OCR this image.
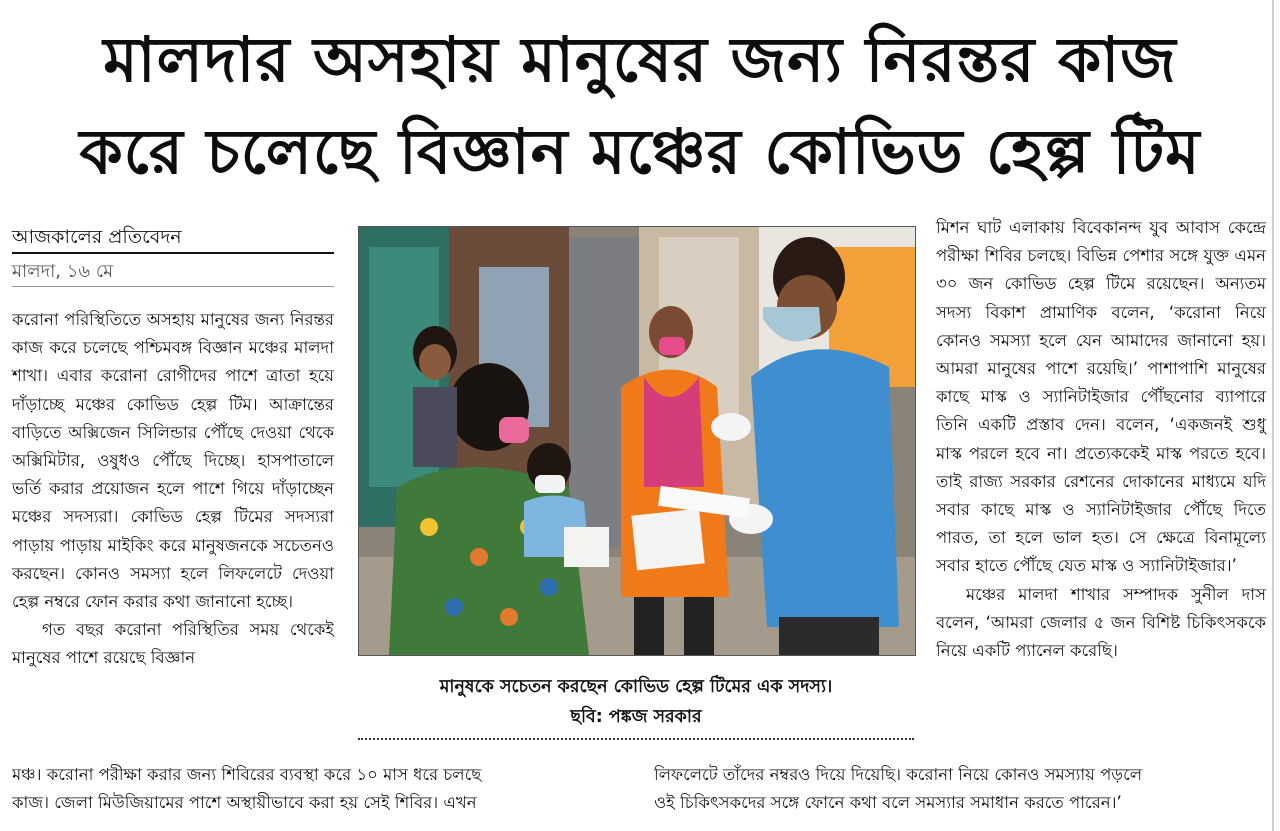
মালদার অসহায় মানুষের জন্য নিরন্তর কাজ
করে চলেছে বিজ্ঞান মঞ্চের কোভিড হেল্প টিম
আজকালের প্রতিবেদন
মালদা, ১৬ মে

করোনা পরিস্থিতিতে অসহায় মানুষের জন্য নিরন্তর কাজ করে চলেছে পশ্চিমবঙ্গ বিজ্ঞান মঞ্চের মালদা শাখা। এবার করোনা রোগীদের পাশে ত্রাতা হয়ে দাঁড়াচ্ছে মঞ্চের কোভিড হেল্প টিম। আক্রান্তের বাড়িতে অক্সিজেন সিলিন্ডার পৌঁছে দেওয়া থেকে অক্সিমিটার, ওষুধও পৌঁছে দিচ্ছে। হাসপাতালে ভর্তি করার প্রয়োজন হলে পাশে গিয়ে দাঁড়াচ্ছেন মঞ্চের সদস্যরা। কোভিড হেল্প টিমের সদস্যরা পাড়ায় পাড়ায় মাইকিং করে মানুষজনকে সচেতনও করছেন। কোনও সমস্যা হলে লিফলেটে দেওয়া হেল্প নম্বরে ফোন করার কথা জানানো হচ্ছে।

গত বছর করোনা পরিস্থিতির সময় থেকেই মানুষের পাশে রয়েছে বিজ্ঞান

মানুষকে সচেতন করছেন কোভিড হেল্প টিমের এক সদস্য।
ছবি: পঙ্কজ সরকার

মিশন ঘাট এলাকায় বিবেকানন্দ যুব আবাস কেন্দ্রে পরীক্ষা শিবির চলছে। বিভিন্ন পেশার সঙ্গে যুক্ত এমন ৩০ জন কোভিড হেল্প টিমে রয়েছেন। অন্যতম সদস্য বিকাশ প্রামাণিক বলেন, ‘করোনা নিয়ে কোনও সমস্যা হলে যেন আমাদের জানানো হয়। আমরা মানুষের পাশে রয়েছি।’ পাশাপাশি মানুষের কাছে মাস্ক ও স্যানিটাইজার পৌঁছনোর ব্যাপারে তিনি একটি প্রস্তাব দেন। বলেন, ‘একজনই শুধু মাস্ক পরলে হবে না। প্রত্যেককেই মাস্ক পরতে হবে। তাই রাজ্য সরকার রেশনের দোকানের মাধ্যমে যদি সবার কাছে মাস্ক ও স্যানিটাইজার পৌঁছে দিতে পারত, তা হলে ভাল হত। সে ক্ষেত্রে বিনামূল্যে সবার হাতে পৌঁছে যেত মাস্ক ও স্যানিটাইজার।’

মঞ্চের মালদা শাখার সম্পাদক সুনীল দাস বলেন, ‘আমরা জেলার ৫ জন বিশিষ্ট চিকিৎসককে নিয়ে একটি প্যানেল করেছি।

মঞ্চ। করোনা পরীক্ষা করার জন্য শিবিরের ব্যবস্থা করে ১০ মাস ধরে চলছে
কাজ। জেলা মিউজিয়ামের পাশে অস্থায়ীভাবে করা হয় সেই শিবির। এখন
লিফলেটে তাঁদের নম্বরও দিয়ে দিয়েছি। করোনা নিয়ে কোনও সমস্যায় পড়লে
ওই চিকিৎসকদের সঙ্গে ফোনে কথা বলে সমস্যার সমাধান করতে পারেন।’
